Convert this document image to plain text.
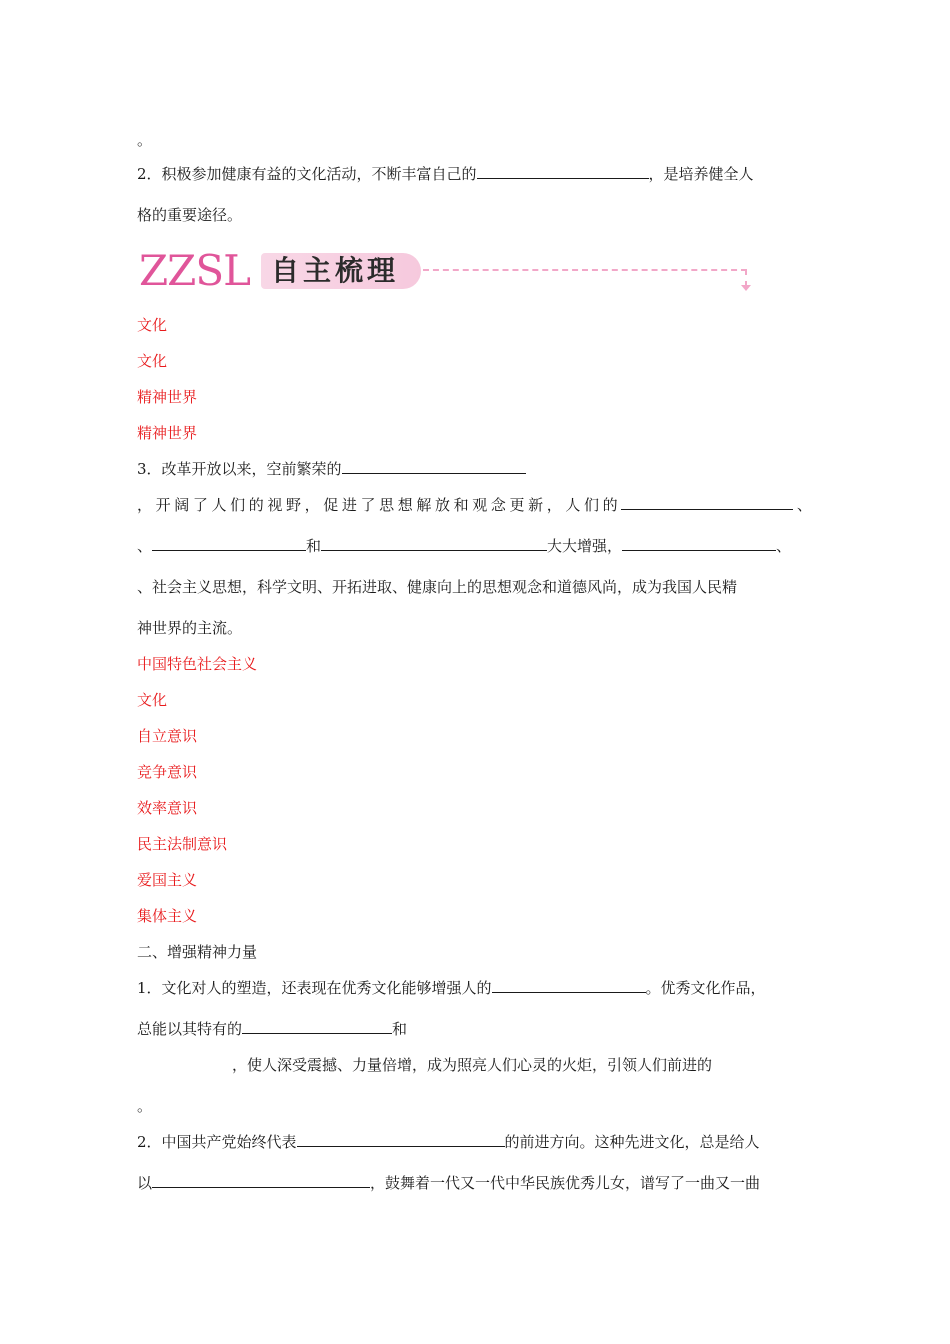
。
2．积极参加健康有益的文化活动，不断丰富自己的	，是培养健全人
格的重要途径。
ZZSL 自主梳理
文化
文化
精神世界
精神世界
3．改革开放以来，空前繁荣的
， 开 阔 了 人 们 的 视 野 ， 促 进 了 思 想 解 放 和 观 念 更 新 ， 人 们 的	、
、	和	大大增强，	、
、社会主义思想，科学文明、开拓进取、健康向上的思想观念和道德风尚，成为我国人民精
神世界的主流。
中国特色社会主义
文化
自立意识
竞争意识
效率意识
民主法制意识
爱国主义
集体主义
二、增强精神力量
1．文化对人的塑造，还表现在优秀文化能够增强人的	。优秀文化作品，
总能以其特有的	和
，使人深受震撼、力量倍增，成为照亮人们心灵的火炬，引领人们前进的
。
2．中国共产党始终代表	的前进方向。这种先进文化，总是给人
以	，鼓舞着一代又一代中华民族优秀儿女，谱写了一曲又一曲
